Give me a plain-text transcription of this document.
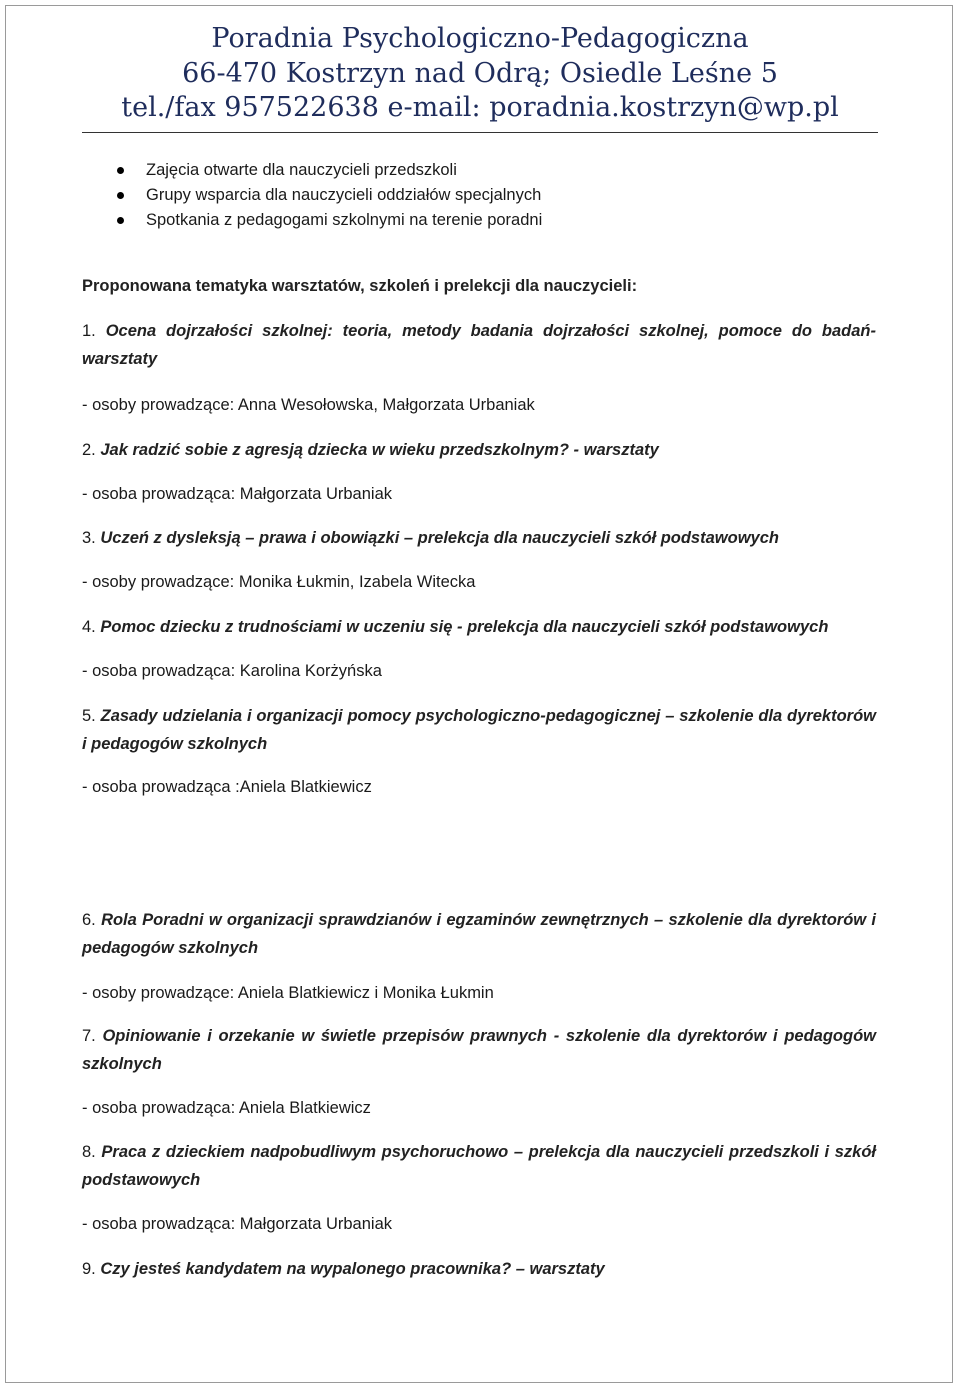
Poradnia Psychologiczno-Pedagogiczna
66-470 Kostrzyn nad Odrą; Osiedle Leśne 5
tel./fax 957522638 e-mail: poradnia.kostrzyn@wp.pl
Zajęcia otwarte dla nauczycieli przedszkoli
Grupy wsparcia dla nauczycieli oddziałów specjalnych
Spotkania z pedagogami szkolnymi na terenie poradni
Proponowana tematyka warsztatów, szkoleń i prelekcji dla nauczycieli:
1. Ocena dojrzałości szkolnej: teoria, metody badania dojrzałości szkolnej, pomoce do badań-warsztaty
- osoby prowadzące: Anna Wesołowska, Małgorzata Urbaniak
2. Jak radzić sobie z agresją dziecka w wieku przedszkolnym? - warsztaty
- osoba prowadząca: Małgorzata Urbaniak
3. Uczeń z dysleksją – prawa i obowiązki – prelekcja dla nauczycieli szkół podstawowych
- osoby prowadzące: Monika Łukmin, Izabela Witecka
4. Pomoc dziecku z trudnościami w uczeniu się - prelekcja dla nauczycieli szkół podstawowych
- osoba prowadząca: Karolina Korżyńska
5. Zasady udzielania i organizacji pomocy psychologiczno-pedagogicznej – szkolenie dla dyrektorów i pedagogów szkolnych
- osoba prowadząca :Aniela Blatkiewicz
6. Rola Poradni w organizacji sprawdzianów i egzaminów zewnętrznych – szkolenie dla dyrektorów i pedagogów szkolnych
- osoby prowadzące: Aniela Blatkiewicz i Monika Łukmin
7. Opiniowanie i orzekanie w świetle przepisów prawnych - szkolenie dla dyrektorów i pedagogów szkolnych
- osoba prowadząca: Aniela Blatkiewicz
8. Praca z dzieckiem nadpobudliwym psychoruchowo – prelekcja dla nauczycieli przedszkoli i szkół podstawowych
- osoba prowadząca: Małgorzata Urbaniak
9. Czy jesteś kandydatem na wypalonego pracownika? – warsztaty
